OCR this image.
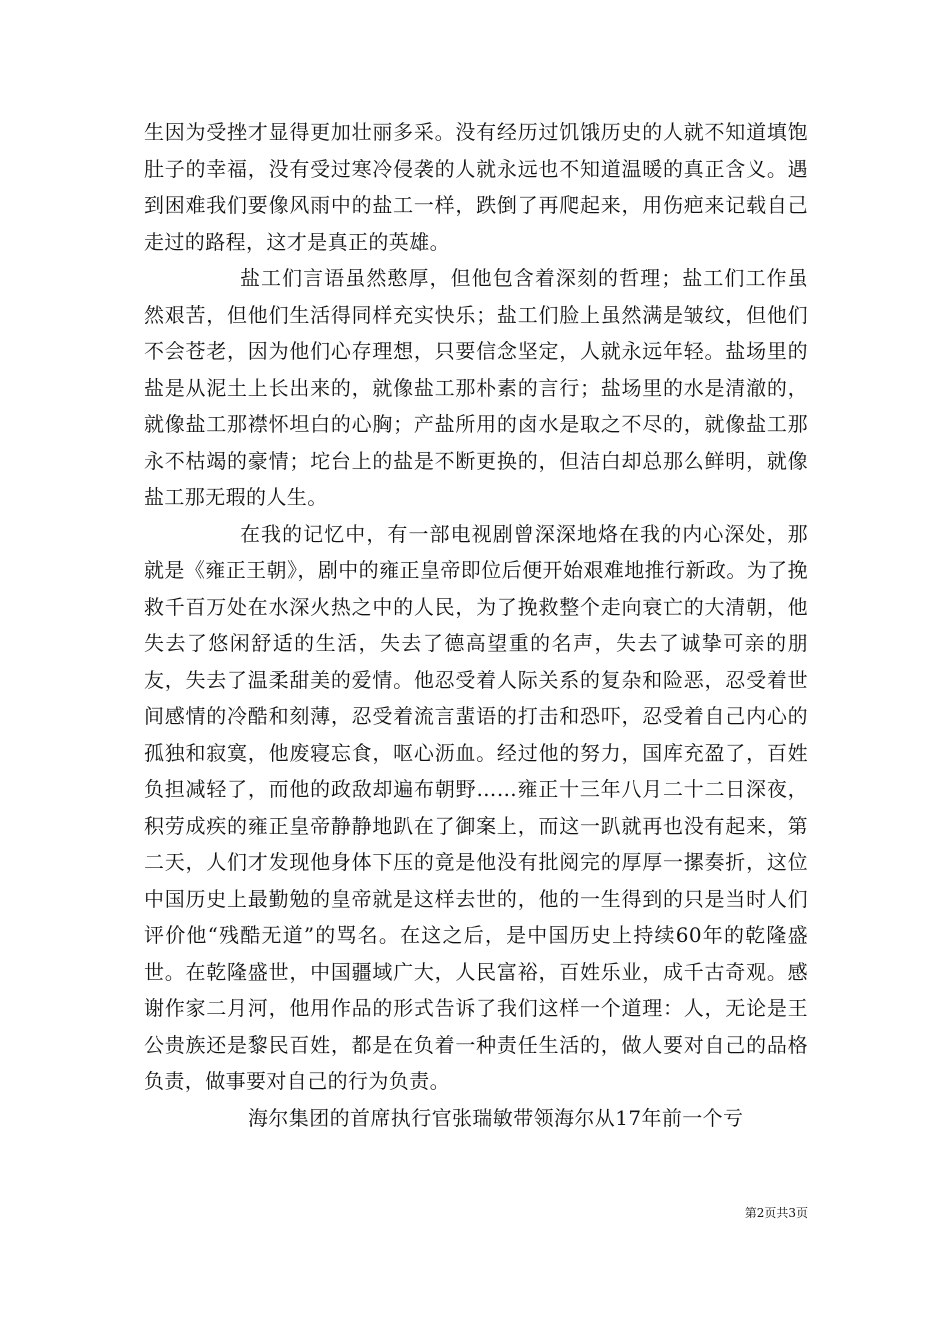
生因为受挫才显得更加壮丽多采。没有经历过饥饿历史的人就不知道填饱肚子的幸福，没有受过寒冷侵袭的人就永远也不知道温暖的真正含义。遇到困难我们要像风雨中的盐工一样，跌倒了再爬起来，用伤疤来记载自己走过的路程，这才是真正的英雄。

盐工们言语虽然憨厚，但他包含着深刻的哲理；盐工们工作虽然艰苦，但他们生活得同样充实快乐；盐工们脸上虽然满是皱纹，但他们不会苍老，因为他们心存理想，只要信念坚定，人就永远年轻。盐场里的盐是从泥土上长出来的，就像盐工那朴素的言行；盐场里的水是清澈的，就像盐工那襟怀坦白的心胸；产盐所用的卤水是取之不尽的，就像盐工那永不枯竭的豪情；坨台上的盐是不断更换的，但洁白却总那么鲜明，就像盐工那无瑕的人生。

在我的记忆中，有一部电视剧曾深深地烙在我的内心深处，那就是《雍正王朝》，剧中的雍正皇帝即位后便开始艰难地推行新政。为了挽救千百万处在水深火热之中的人民，为了挽救整个走向衰亡的大清朝，他失去了悠闲舒适的生活，失去了德高望重的名声，失去了诚挚可亲的朋友，失去了温柔甜美的爱情。他忍受着人际关系的复杂和险恶，忍受着世间感情的冷酷和刻薄，忍受着流言蜚语的打击和恐吓，忍受着自己内心的孤独和寂寞，他废寝忘食，呕心沥血。经过他的努力，国库充盈了，百姓负担减轻了，而他的政敌却遍布朝野……雍正十三年八月二十二日深夜，积劳成疾的雍正皇帝静静地趴在了御案上，而这一趴就再也没有起来，第二天，人们才发现他身体下压的竟是他没有批阅完的厚厚一摞奏折，这位中国历史上最勤勉的皇帝就是这样去世的，他的一生得到的只是当时人们评价他“残酷无道”的骂名。在这之后，是中国历史上持续60年的乾隆盛世。在乾隆盛世，中国疆域广大，人民富裕，百姓乐业，成千古奇观。感谢作家二月河，他用作品的形式告诉了我们这样一个道理：人，无论是王公贵族还是黎民百姓，都是在负着一种责任生活的，做人要对自己的品格负责，做事要对自己的行为负责。

海尔集团的首席执行官张瑞敏带领海尔从17年前一个亏

第2页共3页
